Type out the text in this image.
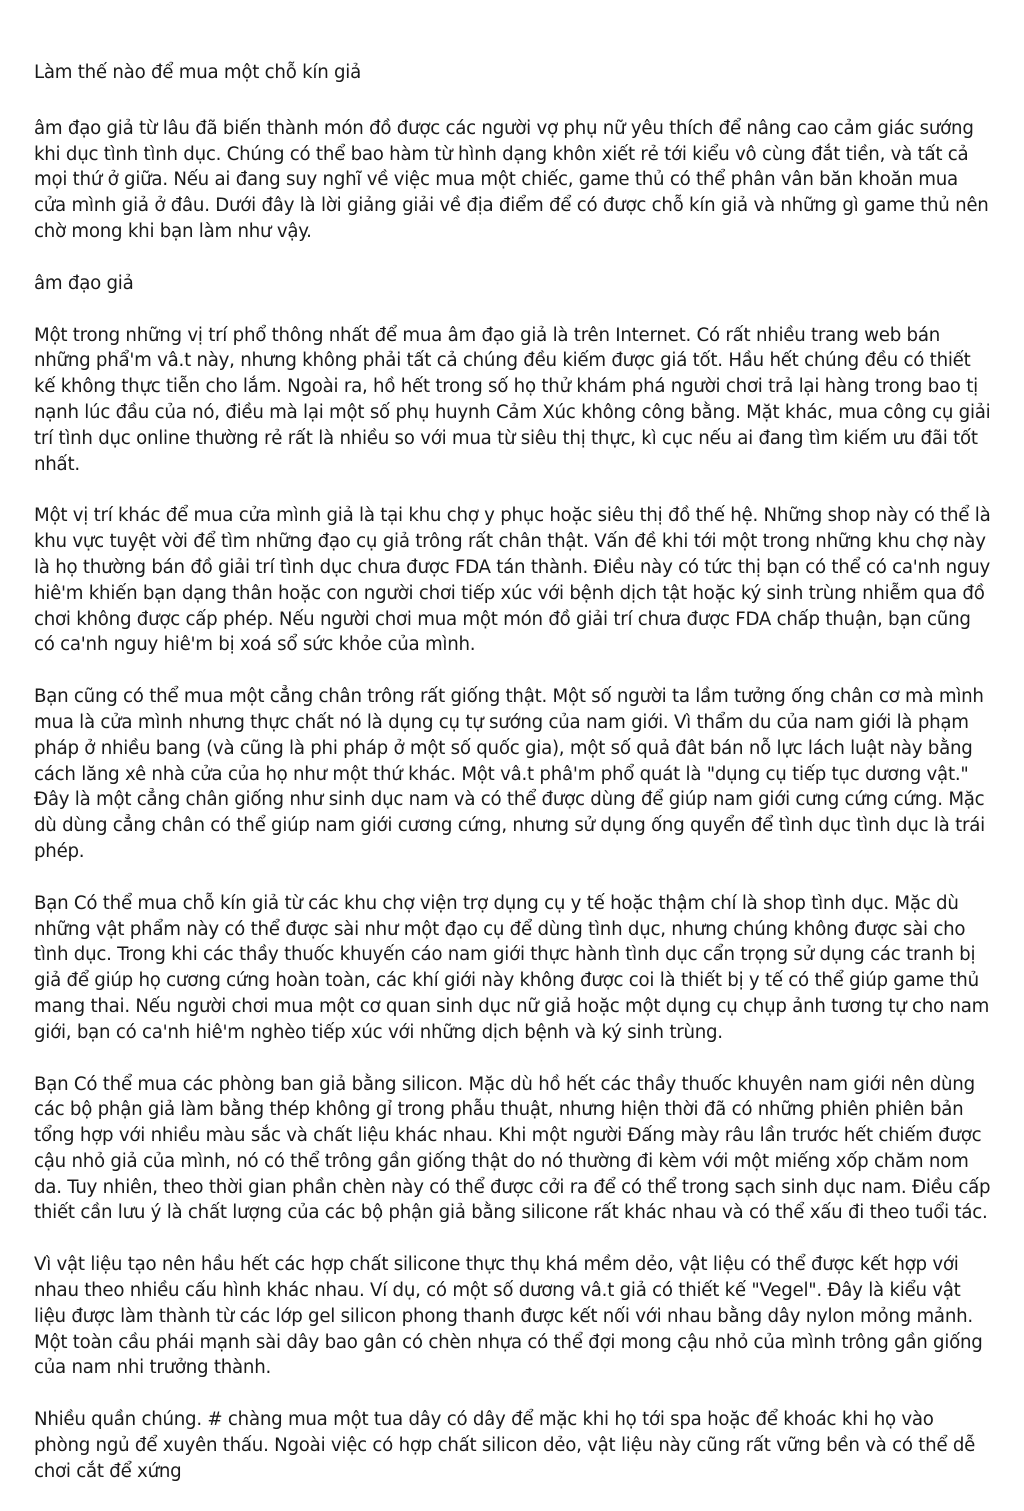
Làm thế nào để mua một chỗ kín giả

âm đạo giả từ lâu đã biến thành món đồ được các người vợ phụ nữ yêu thích để nâng cao cảm giác sướng khi dục tình tình dục. Chúng có thể bao hàm từ hình dạng khôn xiết rẻ tới kiểu vô cùng đắt tiền, và tất cả mọi thứ ở giữa. Nếu ai đang suy nghĩ về việc mua một chiếc, game thủ có thể phân vân băn khoăn mua cửa mình giả ở đâu. Dưới đây là lời giảng giải về địa điểm để có được chỗ kín giả và những gì game thủ nên chờ mong khi bạn làm như vậy.

âm đạo giả

Một trong những vị trí phổ thông nhất để mua âm đạo giả là trên Internet. Có rất nhiều trang web bán những phẩ'm vâ.t này, nhưng không phải tất cả chúng đều kiếm được giá tốt. Hầu hết chúng đều có thiết kế không thực tiễn cho lắm. Ngoài ra, hồ hết trong số họ thử khám phá người chơi trả lại hàng trong bao tị nạnh lúc đầu của nó, điều mà lại một số phụ huynh Cảm Xúc không công bằng. Mặt khác, mua công cụ giải trí tình dục online thường rẻ rất là nhiều so với mua từ siêu thị thực, kì cục nếu ai đang tìm kiếm ưu đãi tốt nhất.

Một vị trí khác để mua cửa mình giả là tại khu chợ y phục hoặc siêu thị đồ thế hệ. Những shop này có thể là khu vực tuyệt vời để tìm những đạo cụ giả trông rất chân thật. Vấn đề khi tới một trong những khu chợ này là họ thường bán đồ giải trí tình dục chưa được FDA tán thành. Điều này có tức thị bạn có thể có ca'nh nguy hiê'm khiến bạn dạng thân hoặc con người chơi tiếp xúc với bệnh dịch tật hoặc ký sinh trùng nhiễm qua đồ chơi không được cấp phép. Nếu người chơi mua một món đồ giải trí chưa được FDA chấp thuận, bạn cũng có ca'nh nguy hiê'm bị xoá sổ sức khỏe của mình.

Bạn cũng có thể mua một cẳng chân trông rất giống thật. Một số người ta lầm tưởng ống chân cơ mà mình mua là cửa mình nhưng thực chất nó là dụng cụ tự sướng của nam giới. Vì thẩm du của nam giới là phạm pháp ở nhiều bang (và cũng là phi pháp ở một số quốc gia), một số quả đât bán nỗ lực lách luật này bằng cách lăng xê nhà cửa của họ như một thứ khác. Một vâ.t phâ'm phổ quát là "dụng cụ tiếp tục dương vật." Đây là một cẳng chân giống như sinh dục nam và có thể được dùng để giúp nam giới cưng cứng cứng. Mặc dù dùng cẳng chân có thể giúp nam giới cương cứng, nhưng sử dụng ống quyển để tình dục tình dục là trái phép.

Bạn Có thể mua chỗ kín giả từ các khu chợ viện trợ dụng cụ y tế hoặc thậm chí là shop tình dục. Mặc dù những vật phẩm này có thể được sài như một đạo cụ để dùng tình dục, nhưng chúng không được sài cho tình dục. Trong khi các thầy thuốc khuyến cáo nam giới thực hành tình dục cẩn trọng sử dụng các tranh bị giả để giúp họ cương cứng hoàn toàn, các khí giới này không được coi là thiết bị y tế có thể giúp game thủ mang thai. Nếu người chơi mua một cơ quan sinh dục nữ giả hoặc một dụng cụ chụp ảnh tương tự cho nam giới, bạn có ca'nh hiê'm nghèo tiếp xúc với những dịch bệnh và ký sinh trùng.

Bạn Có thể mua các phòng ban giả bằng silicon. Mặc dù hồ hết các thầy thuốc khuyên nam giới nên dùng các bộ phận giả làm bằng thép không gỉ trong phẫu thuật, nhưng hiện thời đã có những phiên phiên bản tổng hợp với nhiều màu sắc và chất liệu khác nhau. Khi một người Đấng mày râu lần trước hết chiếm được cậu nhỏ giả của mình, nó có thể trông gần giống thật do nó thường đi kèm với một miếng xốp chăm nom da. Tuy nhiên, theo thời gian phần chèn này có thể được cởi ra để có thể trong sạch sinh dục nam. Điều cấp thiết cần lưu ý là chất lượng của các bộ phận giả bằng silicone rất khác nhau và có thể xấu đi theo tuổi tác.

Vì vật liệu tạo nên hầu hết các hợp chất silicone thực thụ khá mềm dẻo, vật liệu có thể được kết hợp với nhau theo nhiều cấu hình khác nhau. Ví dụ, có một số dương vâ.t giả có thiết kế "Vegel". Đây là kiểu vật liệu được làm thành từ các lớp gel silicon phong thanh được kết nối với nhau bằng dây nylon mỏng mảnh. Một toàn cầu phái mạnh sài dây bao gân có chèn nhựa có thể đợi mong cậu nhỏ của mình trông gần giống của nam nhi trưởng thành.

Nhiều quần chúng. # chàng mua một tua dây có dây để mặc khi họ tới spa hoặc để khoác khi họ vào phòng ngủ để xuyên thấu. Ngoài việc có hợp chất silicon dẻo, vật liệu này cũng rất vững bền và có thể dễ chơi cắt để xứng
